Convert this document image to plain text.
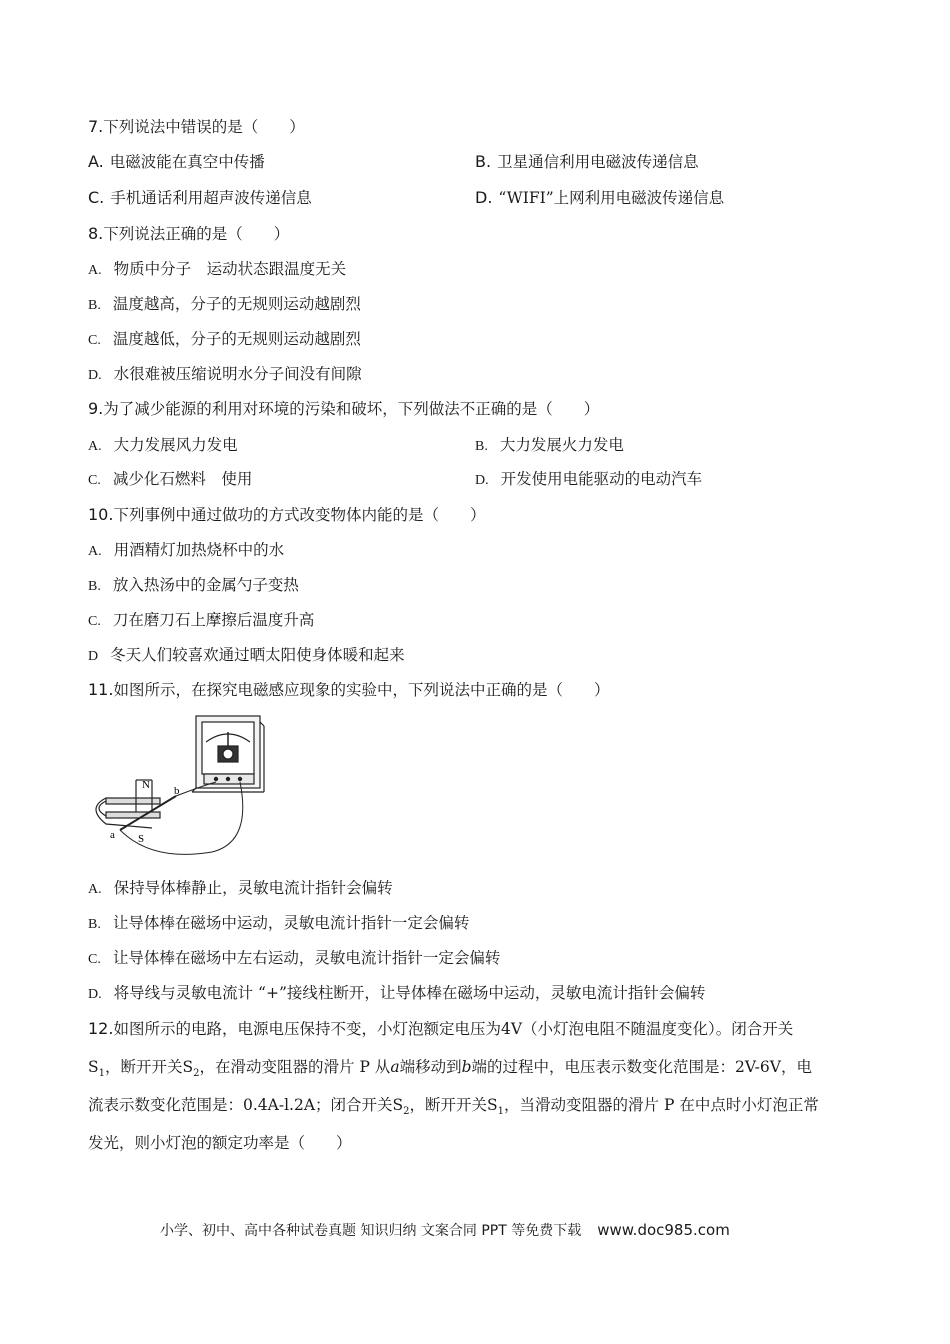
7.下列说法中错误的是（　　）
A. 电磁波能在真空中传播	B. 卫星通信利用电磁波传递信息
C. 手机通话利用超声波传递信息	D. “WIFI”上网利用电磁波传递信息
8.下列说法正确的是（　　）
A. 物质中分子　运动状态跟温度无关
B. 温度越高，分子的无规则运动越剧烈
C. 温度越低，分子的无规则运动越剧烈
D. 水很难被压缩说明水分子间没有间隙
9.为了减少能源的利用对环境的污染和破坏，下列做法不正确的是（　　）
A. 大力发展风力发电	B. 大力发展火力发电
C. 减少化石燃料　使用	D. 开发使用电能驱动的电动汽车
10.下列事例中通过做功的方式改变物体内能的是（　　）
A. 用酒精灯加热烧杯中的水
B. 放入热汤中的金属勺子变热
C. 刀在磨刀石上摩擦后温度升高
D 冬天人们较喜欢通过晒太阳使身体暖和起来
11.如图所示，在探究电磁感应现象的实验中，下列说法中正确的是（　　）
N b
a S
A. 保持导体棒静止，灵敏电流计指针会偏转
B. 让导体棒在磁场中运动，灵敏电流计指针一定会偏转
C. 让导体棒在磁场中左右运动，灵敏电流计指针一定会偏转
D. 将导线与灵敏电流计 “+”接线柱断开，让导体棒在磁场中运动，灵敏电流计指针会偏转
12.如图所示的电路，电源电压保持不变，小灯泡额定电压为4V（小灯泡电阻不随温度变化）。闭合开关
$S_1$，断开开关$S_2$，在滑动变阻器的滑片 P 从a端移动到b端的过程中，电压表示数变化范围是：2V-6V，电
流表示数变化范围是：0.4A-l.2A；闭合开关$S_2$，断开开关$S_1$，当滑动变阻器的滑片 P 在中点时小灯泡正常
发光，则小灯泡的额定功率是（　　）
小学、初中、高中各种试卷真题 知识归纳 文案合同 PPT 等免费下载 www.doc985.com
